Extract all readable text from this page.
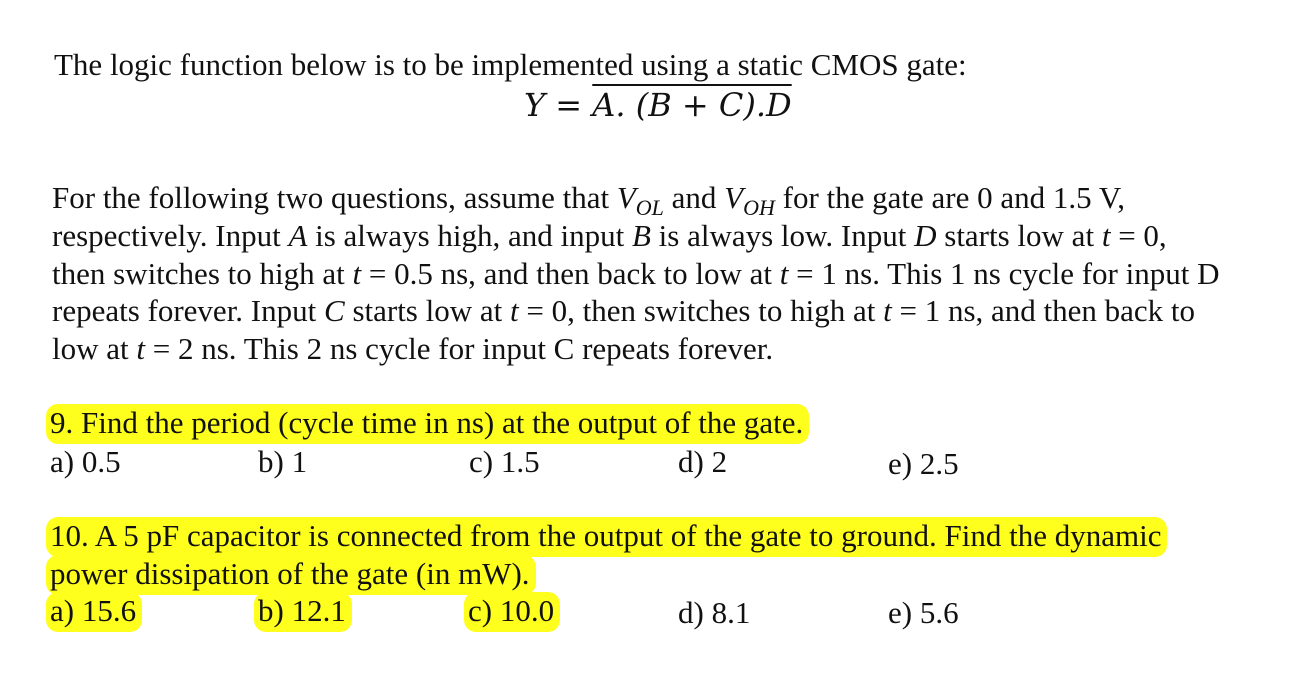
The logic function below is to be implemented using a static CMOS gate:
Y = A. (B + C).D
For the following two questions, assume that $V_{OL}$ and $V_{OH}$ for the gate are 0 and 1.5 V,
respectively. Input A is always high, and input B is always low. Input D starts low at t = 0,
then switches to high at t = 0.5 ns, and then back to low at t = 1 ns. This 1 ns cycle for input D
repeats forever. Input C starts low at t = 0, then switches to high at t = 1 ns, and then back to
low at t = 2 ns. This 2 ns cycle for input C repeats forever.
9. Find the period (cycle time in ns) at the output of the gate.
a) 0.5	b) 1	c) 1.5	d) 2	e) 2.5
10. A 5 pF capacitor is connected from the output of the gate to ground. Find the dynamic
power dissipation of the gate (in mW).
a) 15.6	b) 12.1	c) 10.0	d) 8.1	e) 5.6
